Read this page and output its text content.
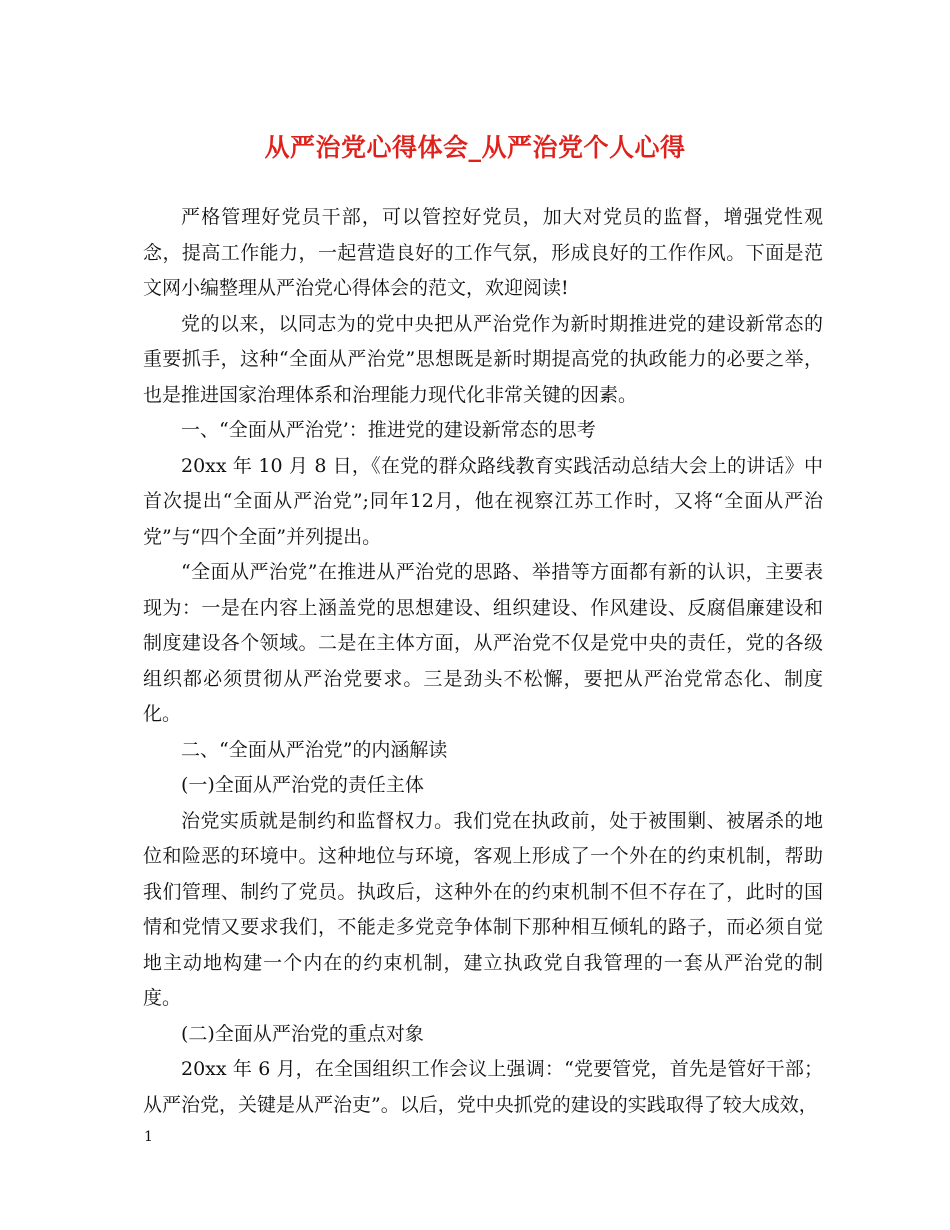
从严治党心得体会_从严治党个人心得

严格管理好党员干部，可以管控好党员，加大对党员的监督，增强党性观念，提高工作能力，一起营造良好的工作气氛，形成良好的工作作风。下面是范文网小编整理从严治党心得体会的范文，欢迎阅读!

党的以来，以同志为的党中央把从严治党作为新时期推进党的建设新常态的重要抓手，这种“全面从严治党”思想既是新时期提高党的执政能力的必要之举，也是推进国家治理体系和治理能力现代化非常关键的因素。

一、“全面从严治党’：推进党的建设新常态的思考

20xx 年 10 月 8 日，《在党的群众路线教育实践活动总结大会上的讲话》中首次提出“全面从严治党”;同年12月，他在视察江苏工作时，又将“全面从严治党”与“四个全面”并列提出。

“全面从严治党”在推进从严治党的思路、举措等方面都有新的认识，主要表现为：一是在内容上涵盖党的思想建设、组织建设、作风建设、反腐倡廉建设和制度建设各个领域。二是在主体方面，从严治党不仅是党中央的责任，党的各级组织都必须贯彻从严治党要求。三是劲头不松懈，要把从严治党常态化、制度化。

二、“全面从严治党”的内涵解读

(一)全面从严治党的责任主体

治党实质就是制约和监督权力。我们党在执政前，处于被围剿、被屠杀的地位和险恶的环境中。这种地位与环境，客观上形成了一个外在的约束机制，帮助我们管理、制约了党员。执政后，这种外在的约束机制不但不存在了，此时的国情和党情又要求我们，不能走多党竞争体制下那种相互倾轧的路子，而必须自觉地主动地构建一个内在的约束机制，建立执政党自我管理的一套从严治党的制度。

(二)全面从严治党的重点对象

20xx 年 6 月，在全国组织工作会议上强调：“党要管党，首先是管好干部；从严治党，关键是从严治吏”。以后，党中央抓党的建设的实践取得了较大成效，

1
